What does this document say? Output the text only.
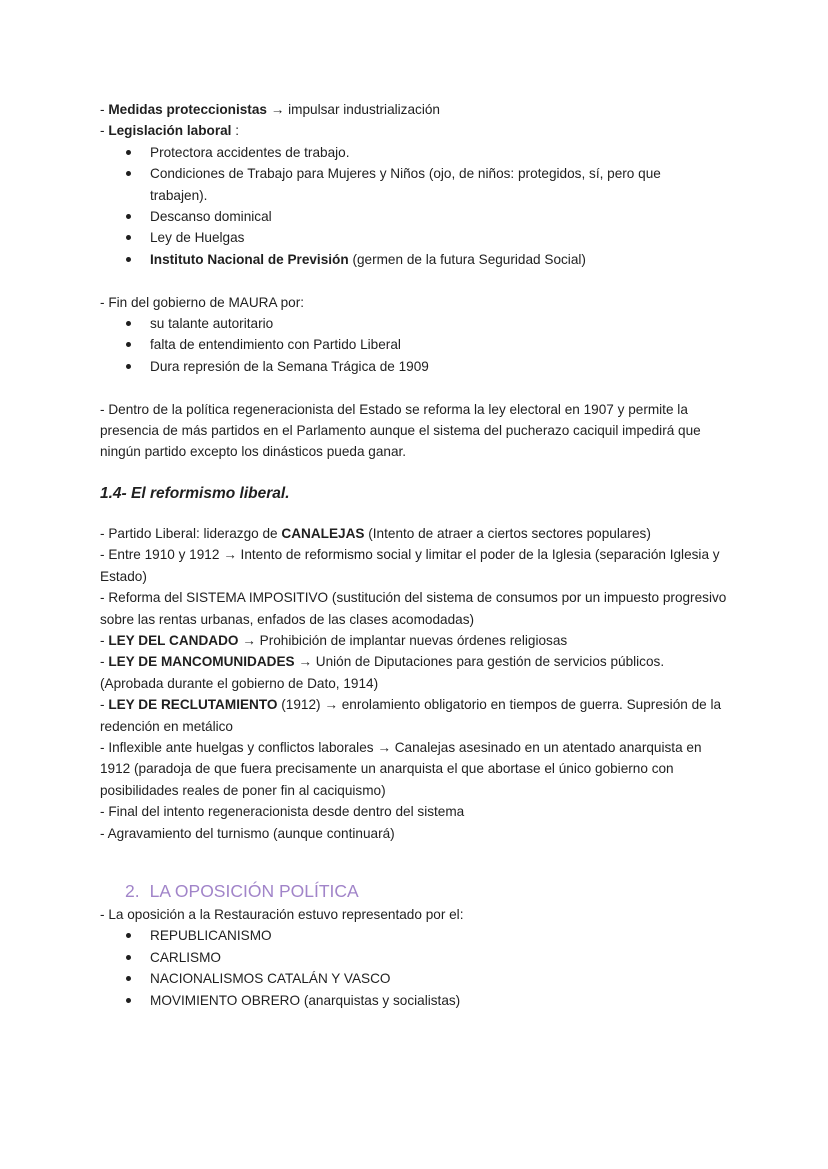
- Medidas proteccionistas → impulsar industrialización
- Legislación laboral :
Protectora accidentes de trabajo.
Condiciones de Trabajo para Mujeres y Niños (ojo, de niños: protegidos, sí, pero que trabajen).
Descanso dominical
Ley de Huelgas
Instituto Nacional de Previsión (germen de la futura Seguridad Social)
- Fin del gobierno de MAURA por:
su talante autoritario
falta de entendimiento con Partido Liberal
Dura represión de la Semana Trágica de 1909
- Dentro de la política regeneracionista del Estado se reforma la ley electoral en 1907 y permite la presencia de más partidos en el Parlamento aunque el sistema del pucherazo caciquil impedirá que ningún partido excepto los dinásticos pueda ganar.
1.4- El reformismo liberal.
- Partido Liberal: liderazgo de CANALEJAS (Intento de atraer a ciertos sectores populares)
- Entre 1910 y 1912 → Intento de reformismo social y limitar el poder de la Iglesia (separación Iglesia y Estado)
- Reforma del SISTEMA IMPOSITIVO (sustitución del sistema de consumos por un impuesto progresivo sobre las rentas urbanas, enfados de las clases acomodadas)
- LEY DEL CANDADO → Prohibición de implantar nuevas órdenes religiosas
- LEY DE MANCOMUNIDADES → Unión de Diputaciones para gestión de servicios públicos. (Aprobada durante el gobierno de Dato, 1914)
- LEY DE RECLUTAMIENTO (1912) → enrolamiento obligatorio en tiempos de guerra. Supresión de la redención en metálico
- Inflexible ante huelgas y conflictos laborales → Canalejas asesinado en un atentado anarquista en 1912 (paradoja de que fuera precisamente un anarquista el que abortase el único gobierno con posibilidades reales de poner fin al caciquismo)
- Final del intento regeneracionista desde dentro del sistema
- Agravamiento del turnismo (aunque continuará)
2. LA OPOSICIÓN POLÍTICA
- La oposición a la Restauración estuvo representado por el:
REPUBLICANISMO
CARLISMO
NACIONALISMOS CATALÁN Y VASCO
MOVIMIENTO OBRERO (anarquistas y socialistas)
